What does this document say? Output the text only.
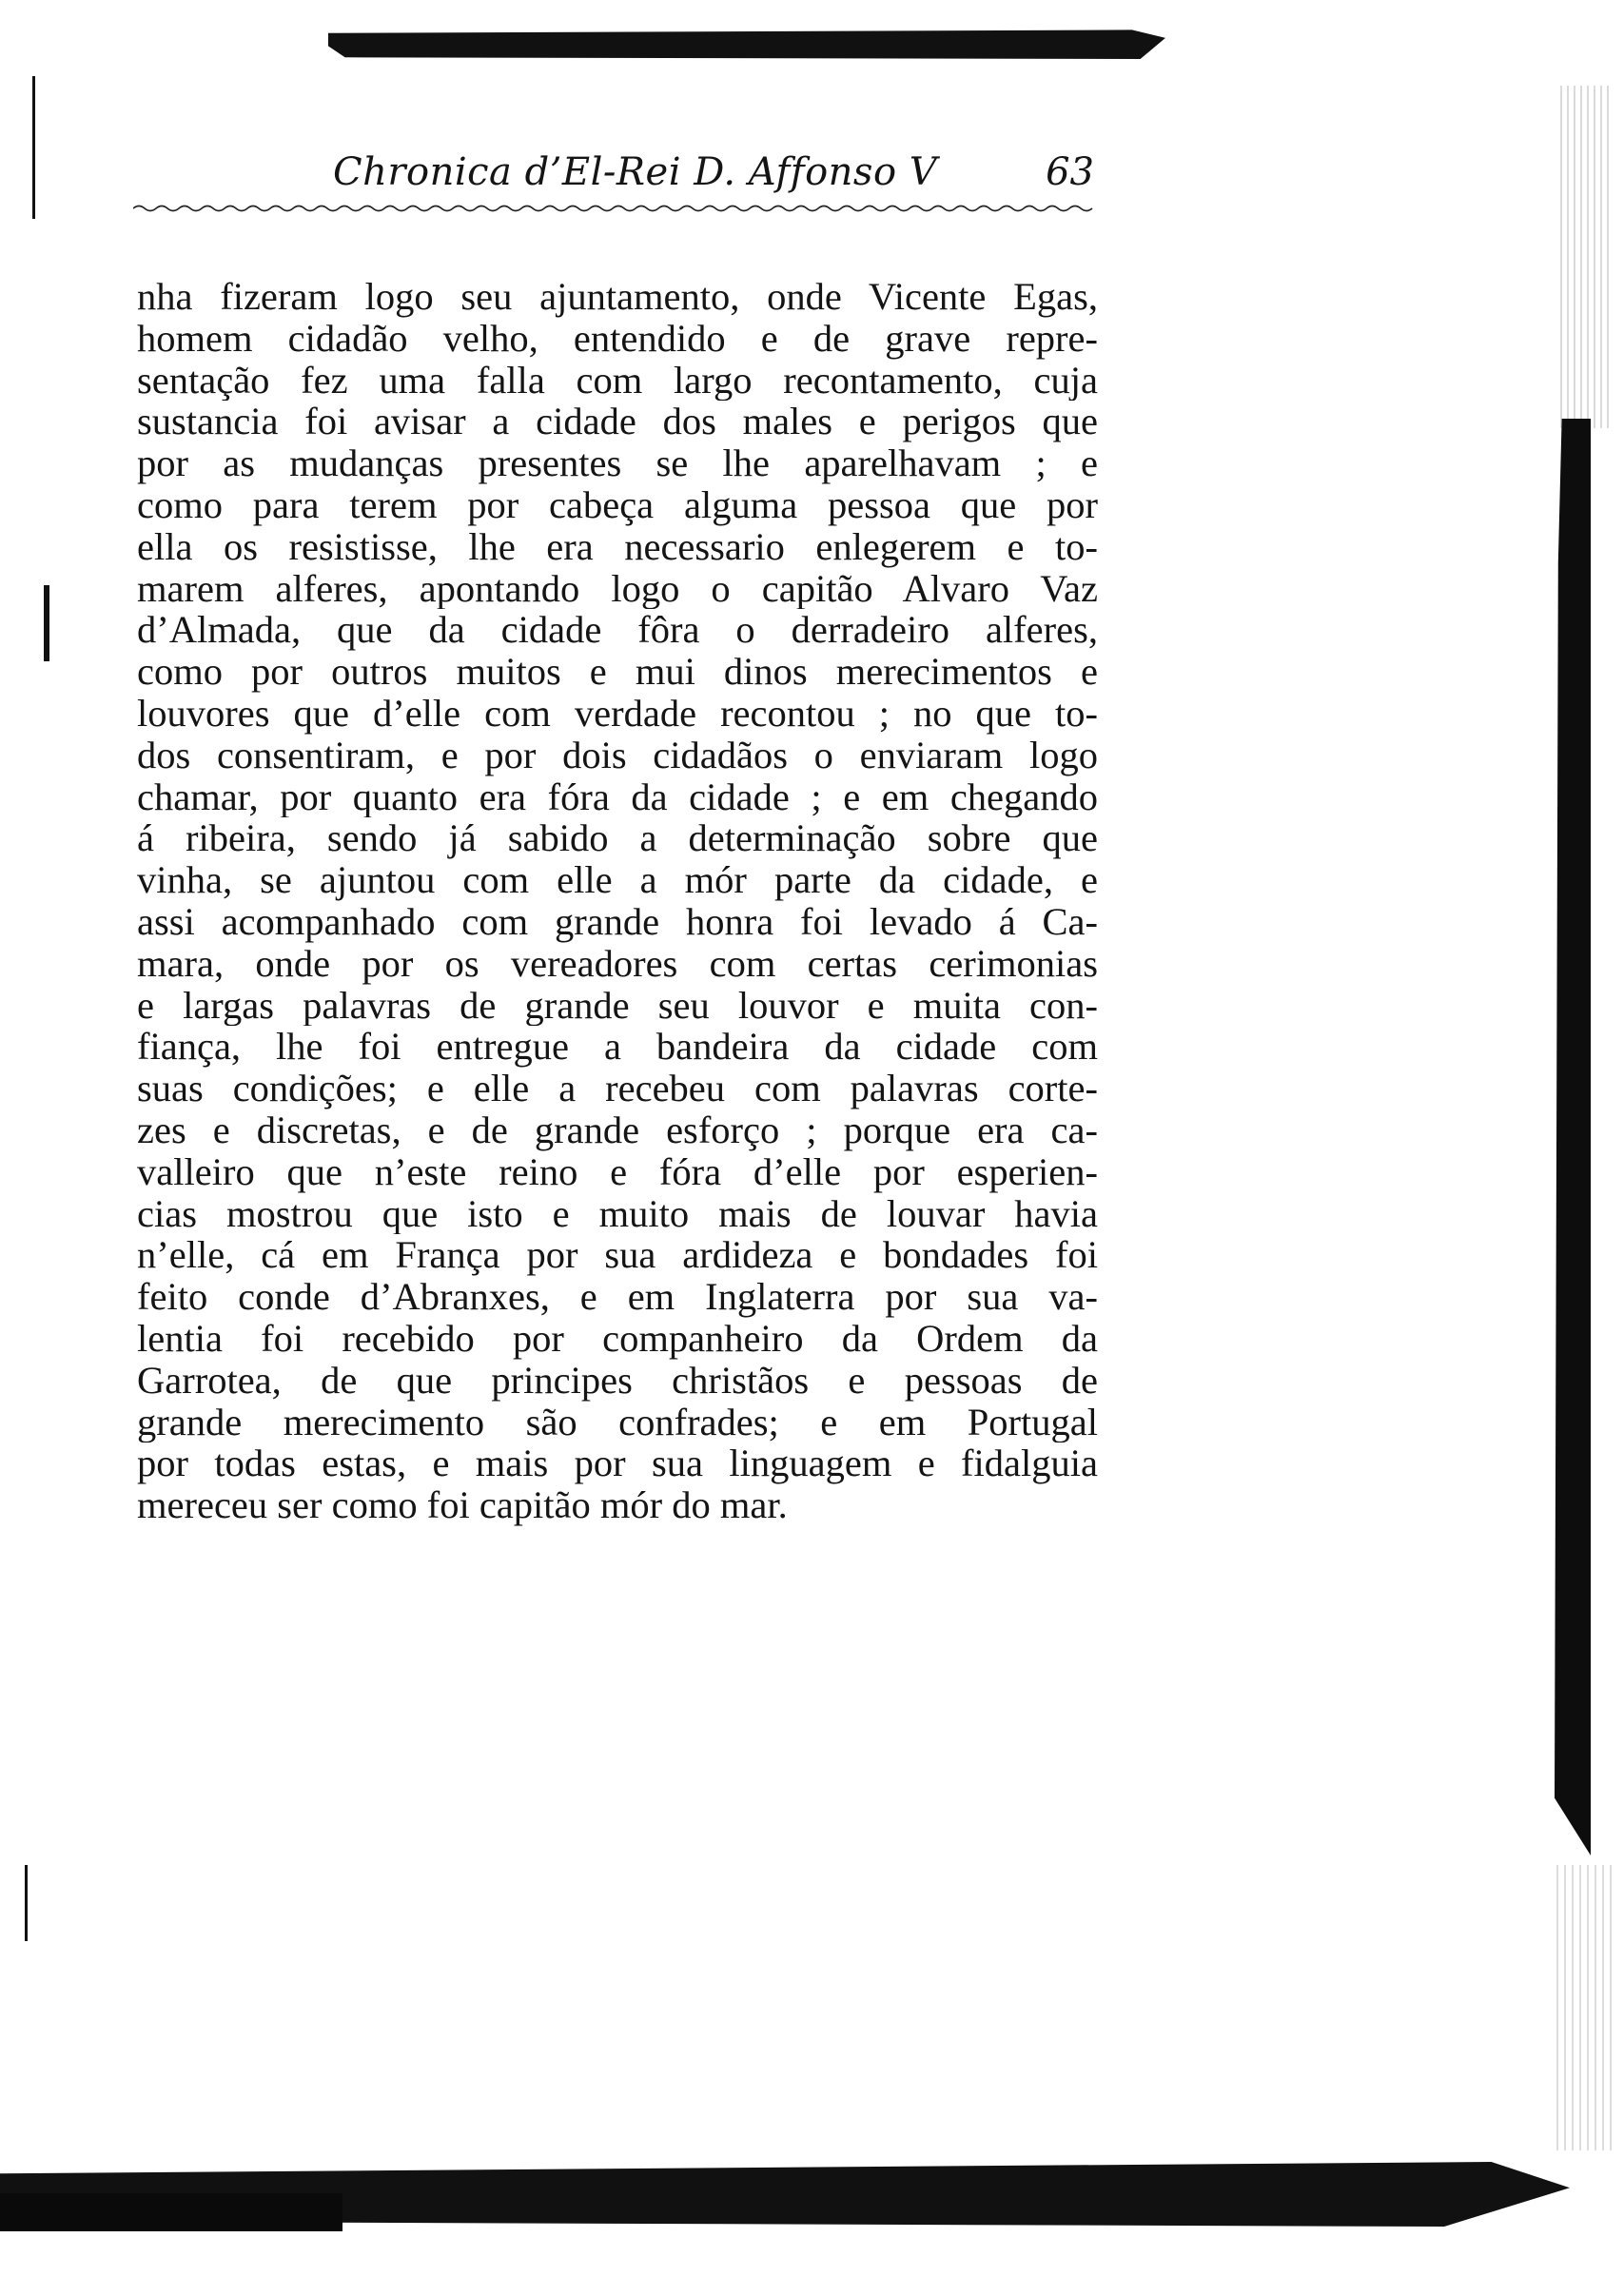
Chronica d’El-Rei D. Affonso V	63
nha fizeram logo seu ajuntamento, onde Vicente Egas,
homem cidadão velho, entendido e de grave repre-
sentação fez uma falla com largo recontamento, cuja
sustancia foi avisar a cidade dos males e perigos que
por as mudanças presentes se lhe aparelhavam ; e
como para terem por cabeça alguma pessoa que por
ella os resistisse, lhe era necessario enlegerem e to-
marem alferes, apontando logo o capitão Alvaro Vaz
d’Almada, que da cidade fôra o derradeiro alferes,
como por outros muitos e mui dinos merecimentos e
louvores que d’elle com verdade recontou ; no que to-
dos consentiram, e por dois cidadãos o enviaram logo
chamar, por quanto era fóra da cidade ; e em chegando
á ribeira, sendo já sabido a determinação sobre que
vinha, se ajuntou com elle a mór parte da cidade, e
assi acompanhado com grande honra foi levado á Ca-
mara, onde por os vereadores com certas cerimonias
e largas palavras de grande seu louvor e muita con-
fiança, lhe foi entregue a bandeira da cidade com
suas condições; e elle a recebeu com palavras corte-
zes e discretas, e de grande esforço ; porque era ca-
valleiro que n’este reino e fóra d’elle por esperien-
cias mostrou que isto e muito mais de louvar havia
n’elle, cá em França por sua ardideza e bondades foi
feito conde d’Abranxes, e em Inglaterra por sua va-
lentia foi recebido por companheiro da Ordem da
Garrotea, de que principes christãos e pessoas de
grande merecimento são confrades; e em Portugal
por todas estas, e mais por sua linguagem e fidalguia
mereceu ser como foi capitão mór do mar.
